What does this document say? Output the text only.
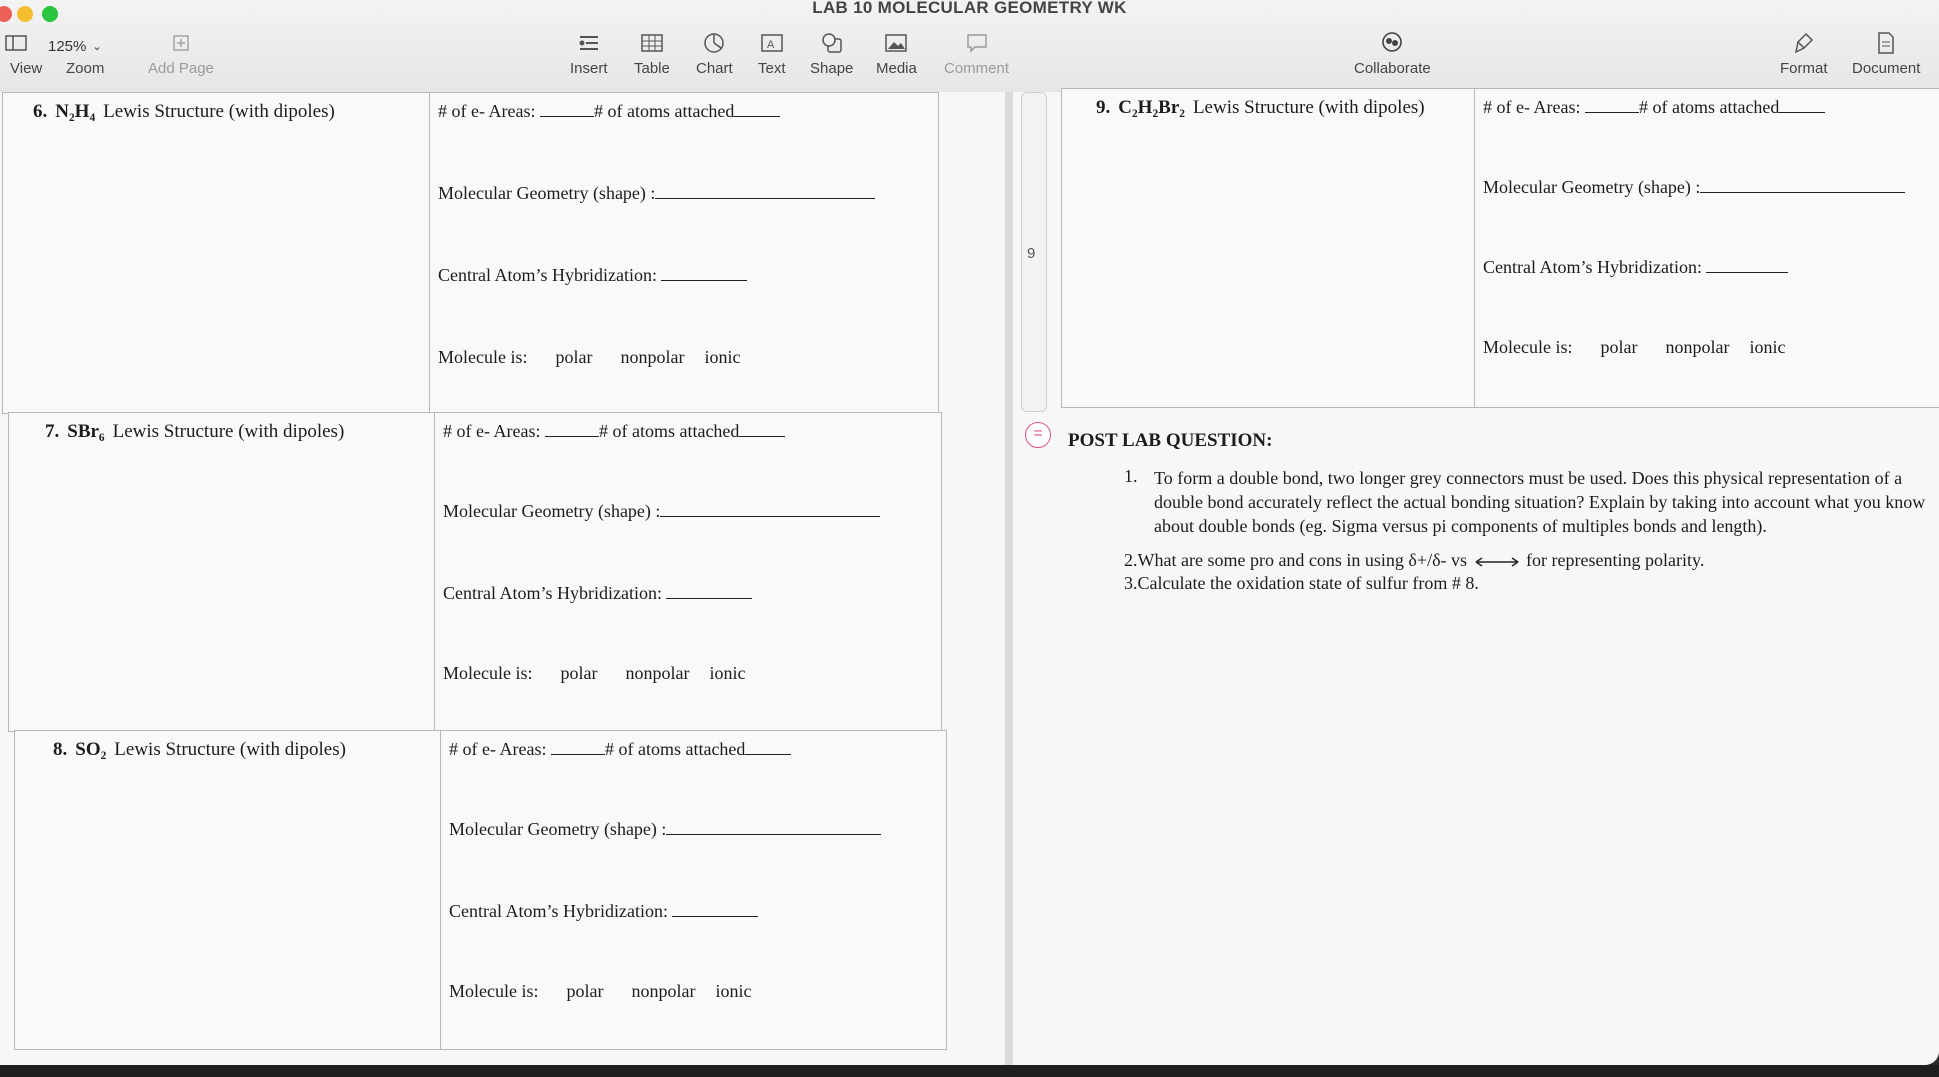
LAB 10 MOLECULAR GEOMETRY WK
View
125% ⌄
Zoom	Add Page	Insert Table Chart
A
Text Shape Media Comment	Collaborate	Format Document
6. N₂H₄ Lewis Structure (with dipoles)	# of e- Areas:	# of atoms attached
Molecular Geometry (shape) :
Central Atom’s Hybridization:
Molecule is: polar nonpolar ionic
7. SBr₆ Lewis Structure (with dipoles)	# of e- Areas:	# of atoms attached
Molecular Geometry (shape) :
Central Atom’s Hybridization:
Molecule is: polar nonpolar ionic
8. SO₂ Lewis Structure (with dipoles)	# of e- Areas:	# of atoms attached
Molecular Geometry (shape) :
Central Atom’s Hybridization:
Molecule is: polar nonpolar ionic
9
9. C₂H₂Br₂ Lewis Structure (with dipoles)	# of e- Areas:	# of atoms attached
Molecular Geometry (shape) :
Central Atom’s Hybridization:
Molecule is: polar nonpolar ionic
=	POST LAB QUESTION:

1. To form a double bond, two longer grey connectors must be used. Does this physical representation of a double bond accurately reflect the actual bonding situation? Explain by taking into account what you know about double bonds (eg. Sigma versus pi components of multiples bonds and length).

2.What are some pro and cons in using δ+/δ- vs	for representing polarity.

3.Calculate the oxidation state of sulfur from # 8.
